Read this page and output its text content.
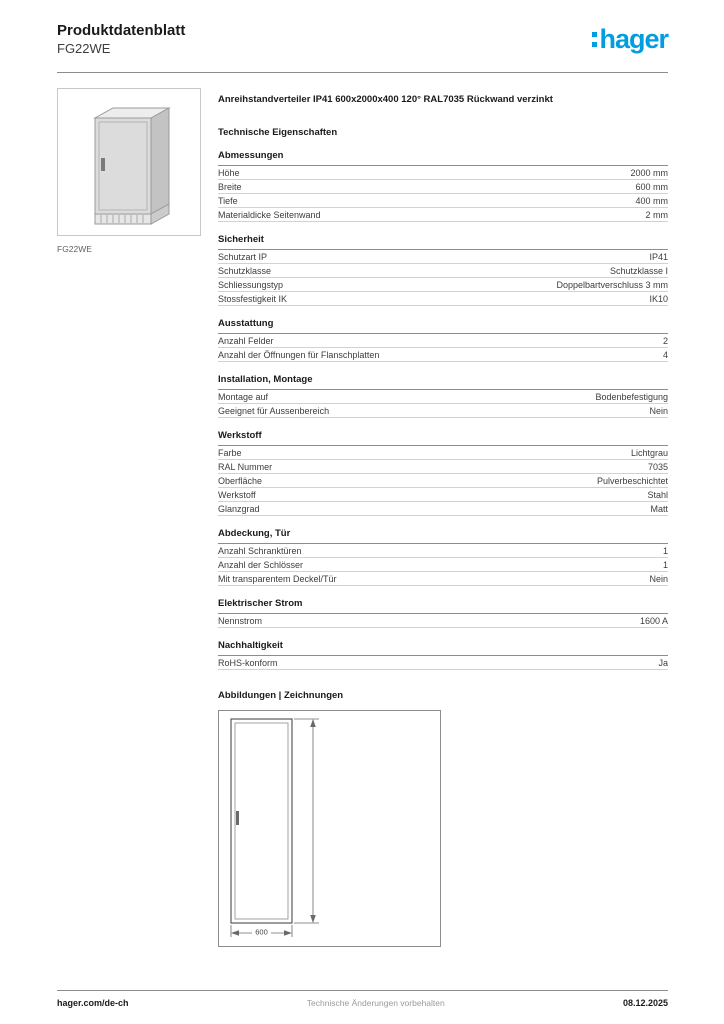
Produktdatenblatt
FG22WE	hager
FG22WE
Anreihstandverteiler IP41 600x2000x400 120° RAL7035 Rückwand verzinkt
Technische Eigenschaften
Abmessungen
Höhe	2000 mm
Breite	600 mm
Tiefe	400 mm
Materialdicke Seitenwand	2 mm
Sicherheit
Schutzart IP	IP41
Schutzklasse	Schutzklasse I
Schliessungstyp	Doppelbartverschluss 3 mm
Stossfestigkeit IK	IK10
Ausstattung
Anzahl Felder	2
Anzahl der Öffnungen für Flanschplatten	4
Installation, Montage
Montage auf	Bodenbefestigung
Geeignet für Aussenbereich	Nein
Werkstoff
Farbe	Lichtgrau
RAL Nummer	7035
Oberfläche	Pulverbeschichtet
Werkstoff	Stahl
Glanzgrad	Matt
Abdeckung, Tür
Anzahl Schranktüren	1
Anzahl der Schlösser	1
Mit transparentem Deckel/Tür	Nein
Elektrischer Strom
Nennstrom	1600 A
Nachhaltigkeit
RoHS-konform	Ja
Abbildungen | Zeichnungen
600
hager.com/de-ch	Technische Änderungen vorbehalten	08.12.2025
